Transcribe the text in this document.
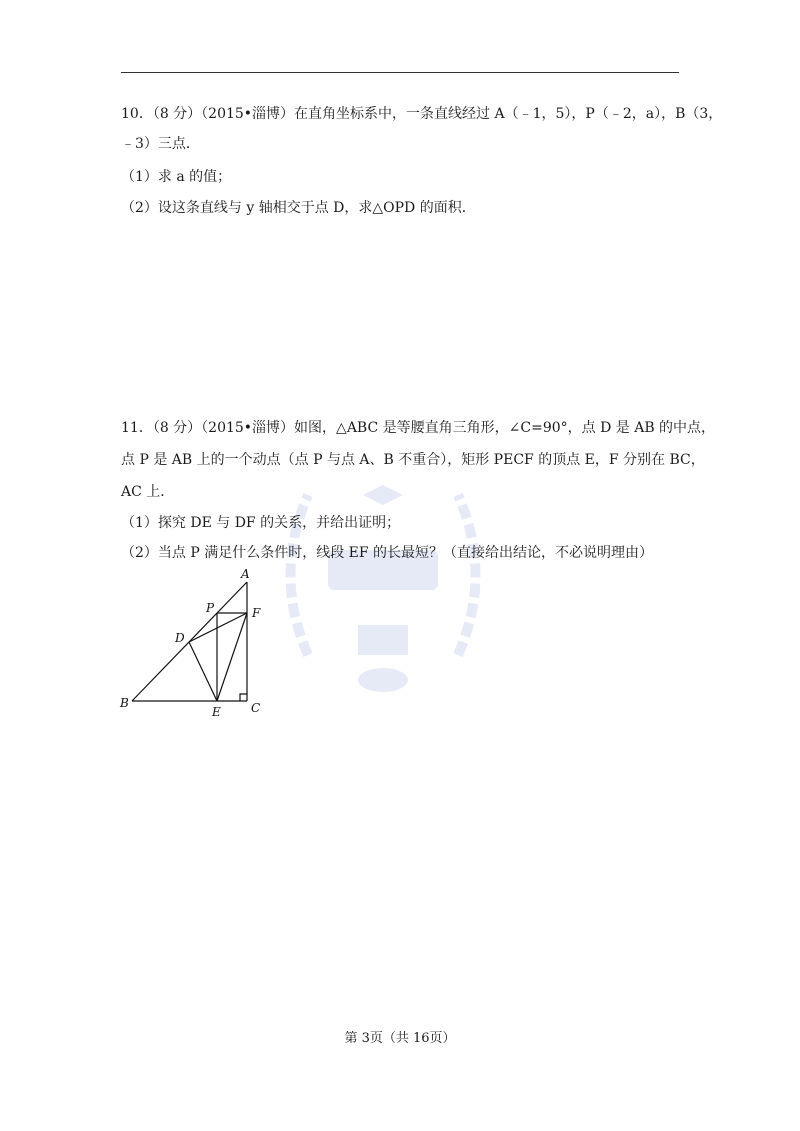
10．（8 分）（2015•淄博）在直角坐标系中，一条直线经过 A（﹣1，5），P（﹣2，a），B（3，
﹣3）三点．
（1）求 a 的值；
（2）设这条直线与 y 轴相交于点 D，求△OPD 的面积．
11．（8 分）（2015•淄博）如图，△ABC 是等腰直角三角形，∠C=90°，点 D 是 AB 的中点，
点 P 是 AB 上的一个动点（点 P 与点 A、B 不重合），矩形 PECF 的顶点 E，F 分别在 BC，
AC 上．
（1）探究 DE 与 DF 的关系，并给出证明；
（2）当点 P 满足什么条件时，线段 EF 的长最短？（直接给出结论，不必说明理由）
A
P	F
D
B
E	C
第 3页（共 16页）
